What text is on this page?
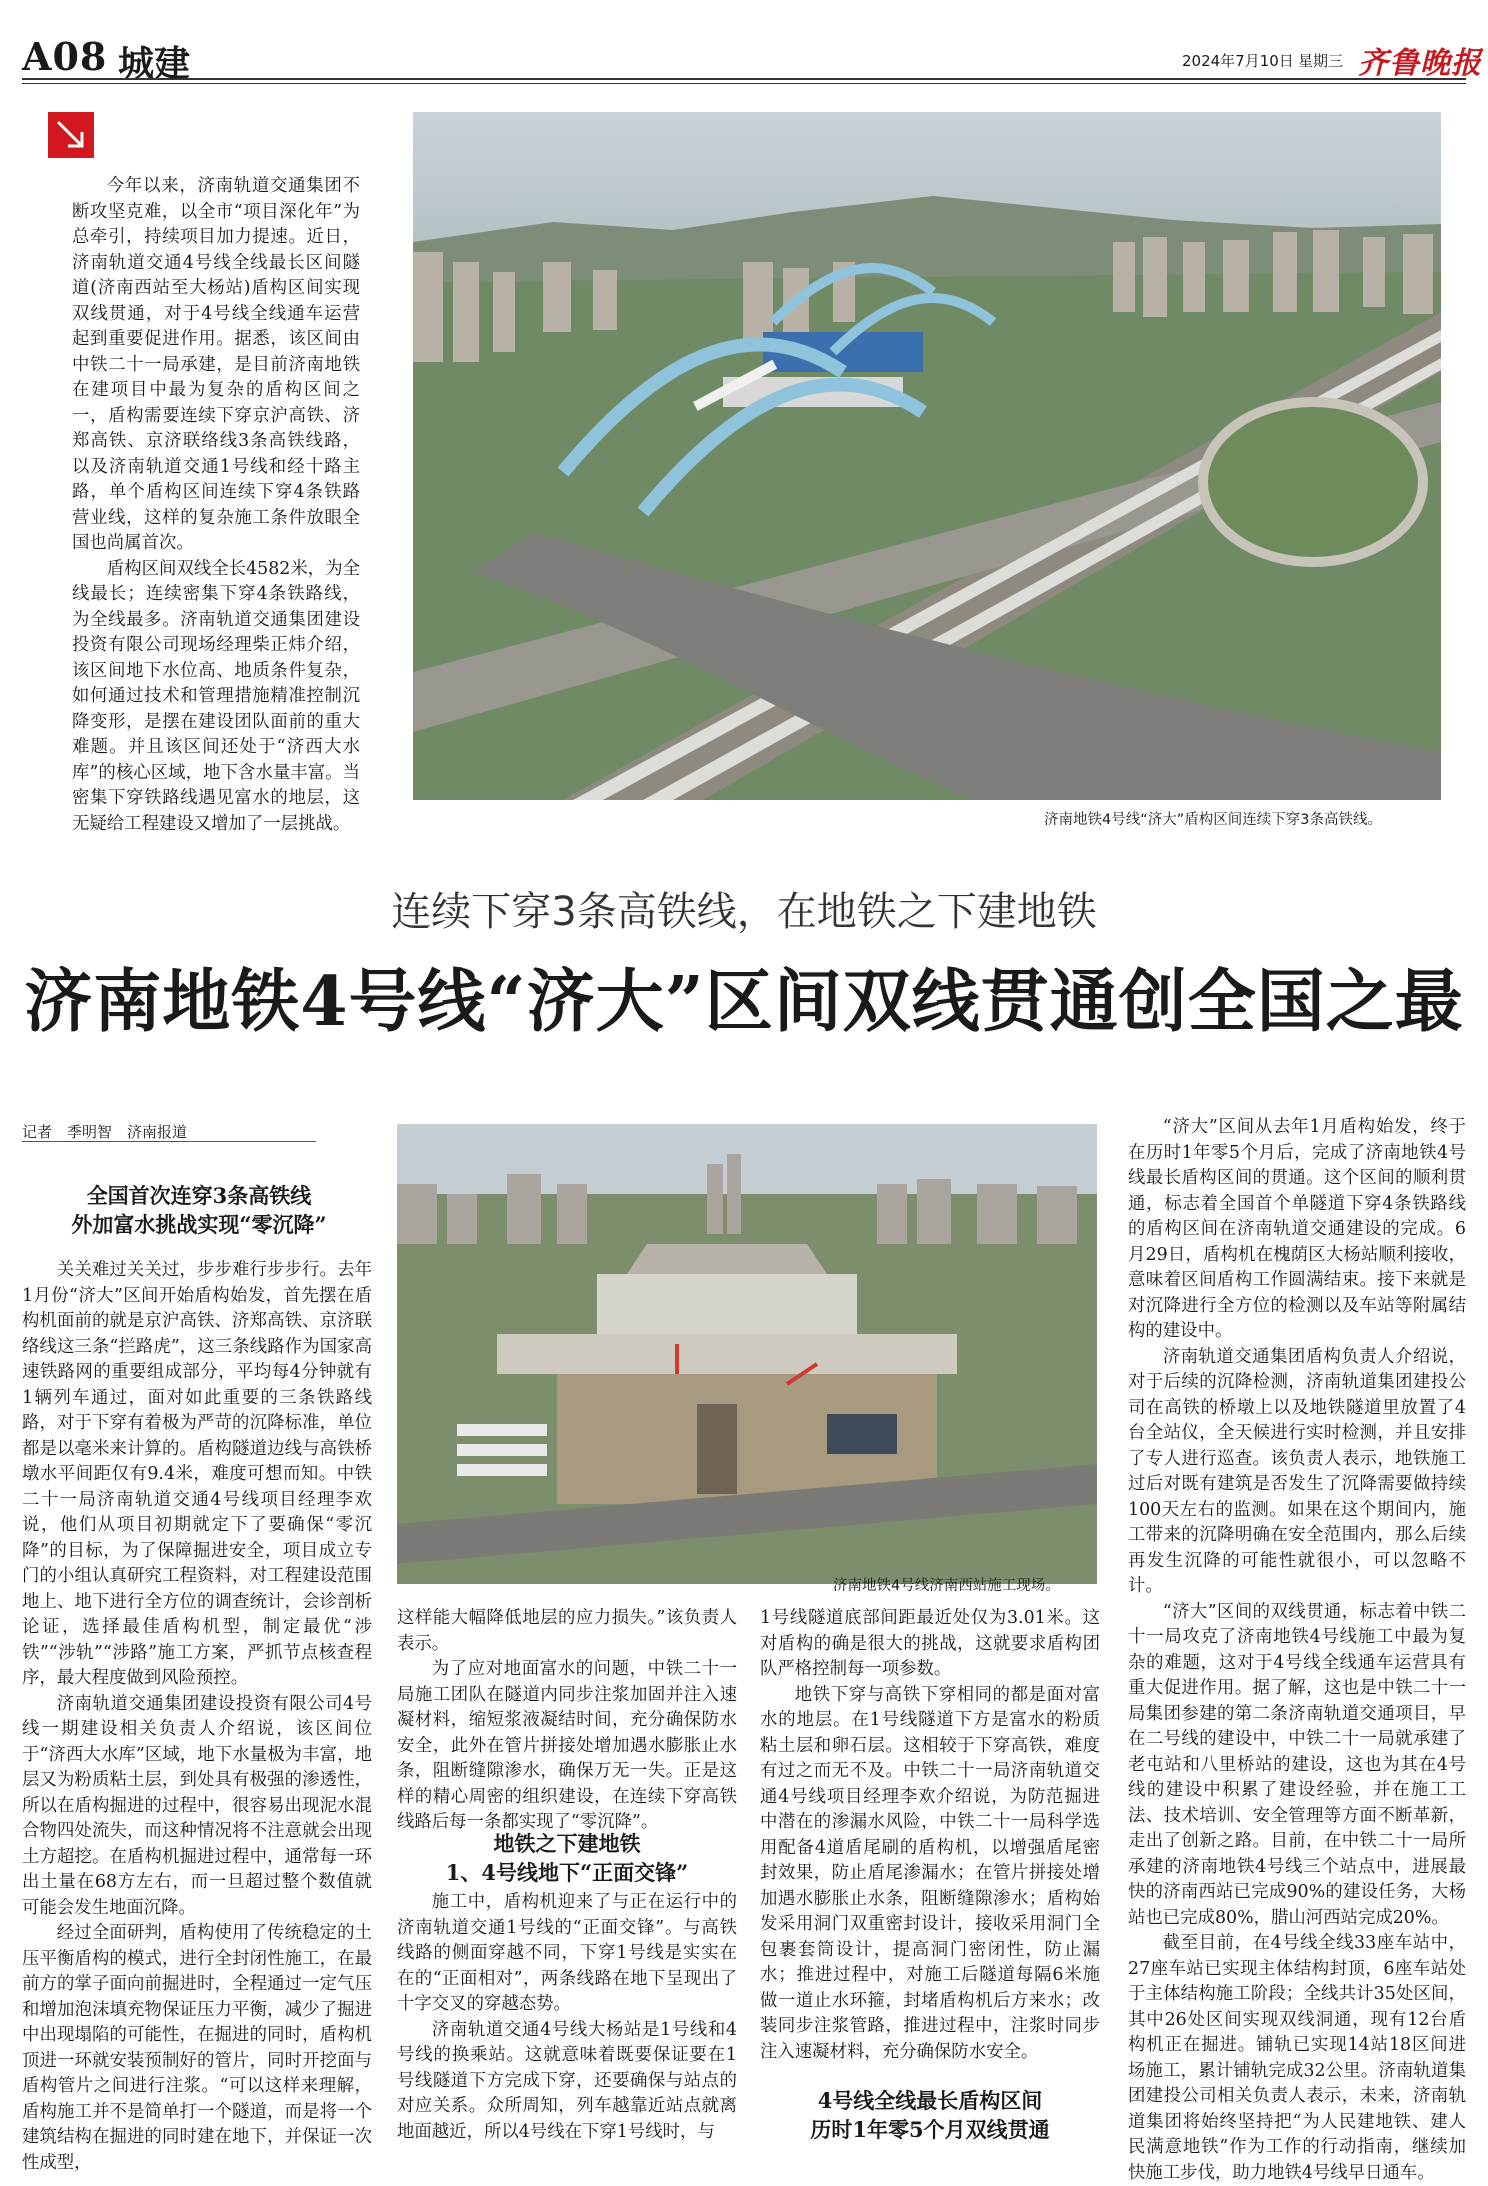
A08 城建	2024年7月10日 星期三 齐鲁晚报

今年以来，济南轨道交通集团不断攻坚克难，以全市“项目深化年”为总牵引，持续项目加力提速。近日，济南轨道交通4号线全线最长区间隧道(济南西站至大杨站)盾构区间实现双线贯通，对于4号线全线通车运营起到重要促进作用。据悉，该区间由中铁二十一局承建，是目前济南地铁在建项目中最为复杂的盾构区间之一，盾构需要连续下穿京沪高铁、济郑高铁、京济联络线3条高铁线路，以及济南轨道交通1号线和经十路主路，单个盾构区间连续下穿4条铁路营业线，这样的复杂施工条件放眼全国也尚属首次。

盾构区间双线全长4582米，为全线最长；连续密集下穿4条铁路线，为全线最多。济南轨道交通集团建设投资有限公司现场经理柴正炜介绍，该区间地下水位高、地质条件复杂，如何通过技术和管理措施精准控制沉降变形，是摆在建设团队面前的重大难题。并且该区间还处于“济西大水库”的核心区域，地下含水量丰富。当密集下穿铁路线遇见富水的地层，这无疑给工程建设又增加了一层挑战。	济南地铁4号线“济大”盾构区间连续下穿3条高铁线。
连续下穿3条高铁线，在地铁之下建地铁
济南地铁4号线“济大”区间双线贯通创全国之最
记者　季明智　济南报道
全国首次连穿3条高铁线
外加富水挑战实现“零沉降”

关关难过关关过，步步难行步步行。去年1月份“济大”区间开始盾构始发，首先摆在盾构机面前的就是京沪高铁、济郑高铁、京济联络线这三条“拦路虎”，这三条线路作为国家高速铁路网的重要组成部分，平均每4分钟就有1辆列车通过，面对如此重要的三条铁路线路，对于下穿有着极为严苛的沉降标准，单位都是以毫米来计算的。盾构隧道边线与高铁桥墩水平间距仅有9.4米，难度可想而知。中铁二十一局济南轨道交通4号线项目经理李欢说，他们从项目初期就定下了要确保“零沉降”的目标，为了保障掘进安全，项目成立专门的小组认真研究工程资料，对工程建设范围地上、地下进行全方位的调查统计，会诊剖析论证，选择最佳盾构机型，制定最优“涉铁”“涉轨”“涉路”施工方案，严抓节点核查程序，最大程度做到风险预控。

济南轨道交通集团建设投资有限公司4号线一期建设相关负责人介绍说，该区间位于“济西大水库”区域，地下水量极为丰富，地层又为粉质粘土层，到处具有极强的渗透性，所以在盾构掘进的过程中，很容易出现泥水混合物四处流失，而这种情况将不注意就会出现土方超挖。在盾构机掘进过程中，通常每一环出土量在68方左右，而一旦超过整个数值就可能会发生地面沉降。

经过全面研判，盾构使用了传统稳定的土压平衡盾构的模式，进行全封闭性施工，在最前方的掌子面向前掘进时，全程通过一定气压和增加泡沫填充物保证压力平衡，减少了掘进中出现塌陷的可能性，在掘进的同时，盾构机顶进一环就安装预制好的管片，同时开挖面与盾构管片之间进行注浆。“可以这样来理解，盾构施工并不是简单打一个隧道，而是将一个建筑结构在掘进的同时建在地下，并保证一次性成型，

济南地铁4号线济南西站施工现场。

这样能大幅降低地层的应力损失。”该负责人表示。

为了应对地面富水的问题，中铁二十一局施工团队在隧道内同步注浆加固并注入速凝材料，缩短浆液凝结时间，充分确保防水安全，此外在管片拼接处增加遇水膨胀止水条，阻断缝隙渗水，确保万无一失。正是这样的精心周密的组织建设，在连续下穿高铁线路后每一条都实现了“零沉降”。

地铁之下建地铁
1、4号线地下“正面交锋”

施工中，盾构机迎来了与正在运行中的济南轨道交通1号线的“正面交锋”。与高铁线路的侧面穿越不同，下穿1号线是实实在在的“正面相对”，两条线路在地下呈现出了十字交叉的穿越态势。

济南轨道交通4号线大杨站是1号线和4号线的换乘站。这就意味着既要保证要在1号线隧道下方完成下穿，还要确保与站点的对应关系。众所周知，列车越靠近站点就离地面越近，所以4号线在下穿1号线时，与

1号线隧道底部间距最近处仅为3.01米。这对盾构的确是很大的挑战，这就要求盾构团队严格控制每一项参数。

地铁下穿与高铁下穿相同的都是面对富水的地层。在1号线隧道下方是富水的粉质粘土层和卵石层。这相较于下穿高铁，难度有过之而无不及。中铁二十一局济南轨道交通4号线项目经理李欢介绍说，为防范掘进中潜在的渗漏水风险，中铁二十一局科学选用配备4道盾尾刷的盾构机，以增强盾尾密封效果，防止盾尾渗漏水；在管片拼接处增加遇水膨胀止水条，阻断缝隙渗水；盾构始发采用洞门双重密封设计，接收采用洞门全包裹套筒设计，提高洞门密闭性，防止漏水；推进过程中，对施工后隧道每隔6米施做一道止水环箍，封堵盾构机后方来水；改装同步注浆管路，推进过程中，注浆时同步注入速凝材料，充分确保防水安全。

4号线全线最长盾构区间
历时1年零5个月双线贯通

“济大”区间从去年1月盾构始发，终于在历时1年零5个月后，完成了济南地铁4号线最长盾构区间的贯通。这个区间的顺利贯通，标志着全国首个单隧道下穿4条铁路线的盾构区间在济南轨道交通建设的完成。6月29日，盾构机在槐荫区大杨站顺利接收，意味着区间盾构工作圆满结束。接下来就是对沉降进行全方位的检测以及车站等附属结构的建设中。

济南轨道交通集团盾构负责人介绍说，对于后续的沉降检测，济南轨道集团建投公司在高铁的桥墩上以及地铁隧道里放置了4台全站仪，全天候进行实时检测，并且安排了专人进行巡查。该负责人表示，地铁施工过后对既有建筑是否发生了沉降需要做持续100天左右的监测。如果在这个期间内，施工带来的沉降明确在安全范围内，那么后续再发生沉降的可能性就很小，可以忽略不计。

“济大”区间的双线贯通，标志着中铁二十一局攻克了济南地铁4号线施工中最为复杂的难题，这对于4号线全线通车运营具有重大促进作用。据了解，这也是中铁二十一局集团参建的第二条济南轨道交通项目，早在二号线的建设中，中铁二十一局就承建了老屯站和八里桥站的建设，这也为其在4号线的建设中积累了建设经验，并在施工工法、技术培训、安全管理等方面不断革新，走出了创新之路。目前，在中铁二十一局所承建的济南地铁4号线三个站点中，进展最快的济南西站已完成90%的建设任务，大杨站也已完成80%，腊山河西站完成20%。

截至目前，在4号线全线33座车站中，27座车站已实现主体结构封顶，6座车站处于主体结构施工阶段；全线共计35处区间，其中26处区间实现双线洞通，现有12台盾构机正在掘进。铺轨已实现14站18区间进场施工，累计铺轨完成32公里。济南轨道集团建投公司相关负责人表示，未来，济南轨道集团将始终坚持把“为人民建地铁、建人民满意地铁”作为工作的行动指南，继续加快施工步伐，助力地铁4号线早日通车。
